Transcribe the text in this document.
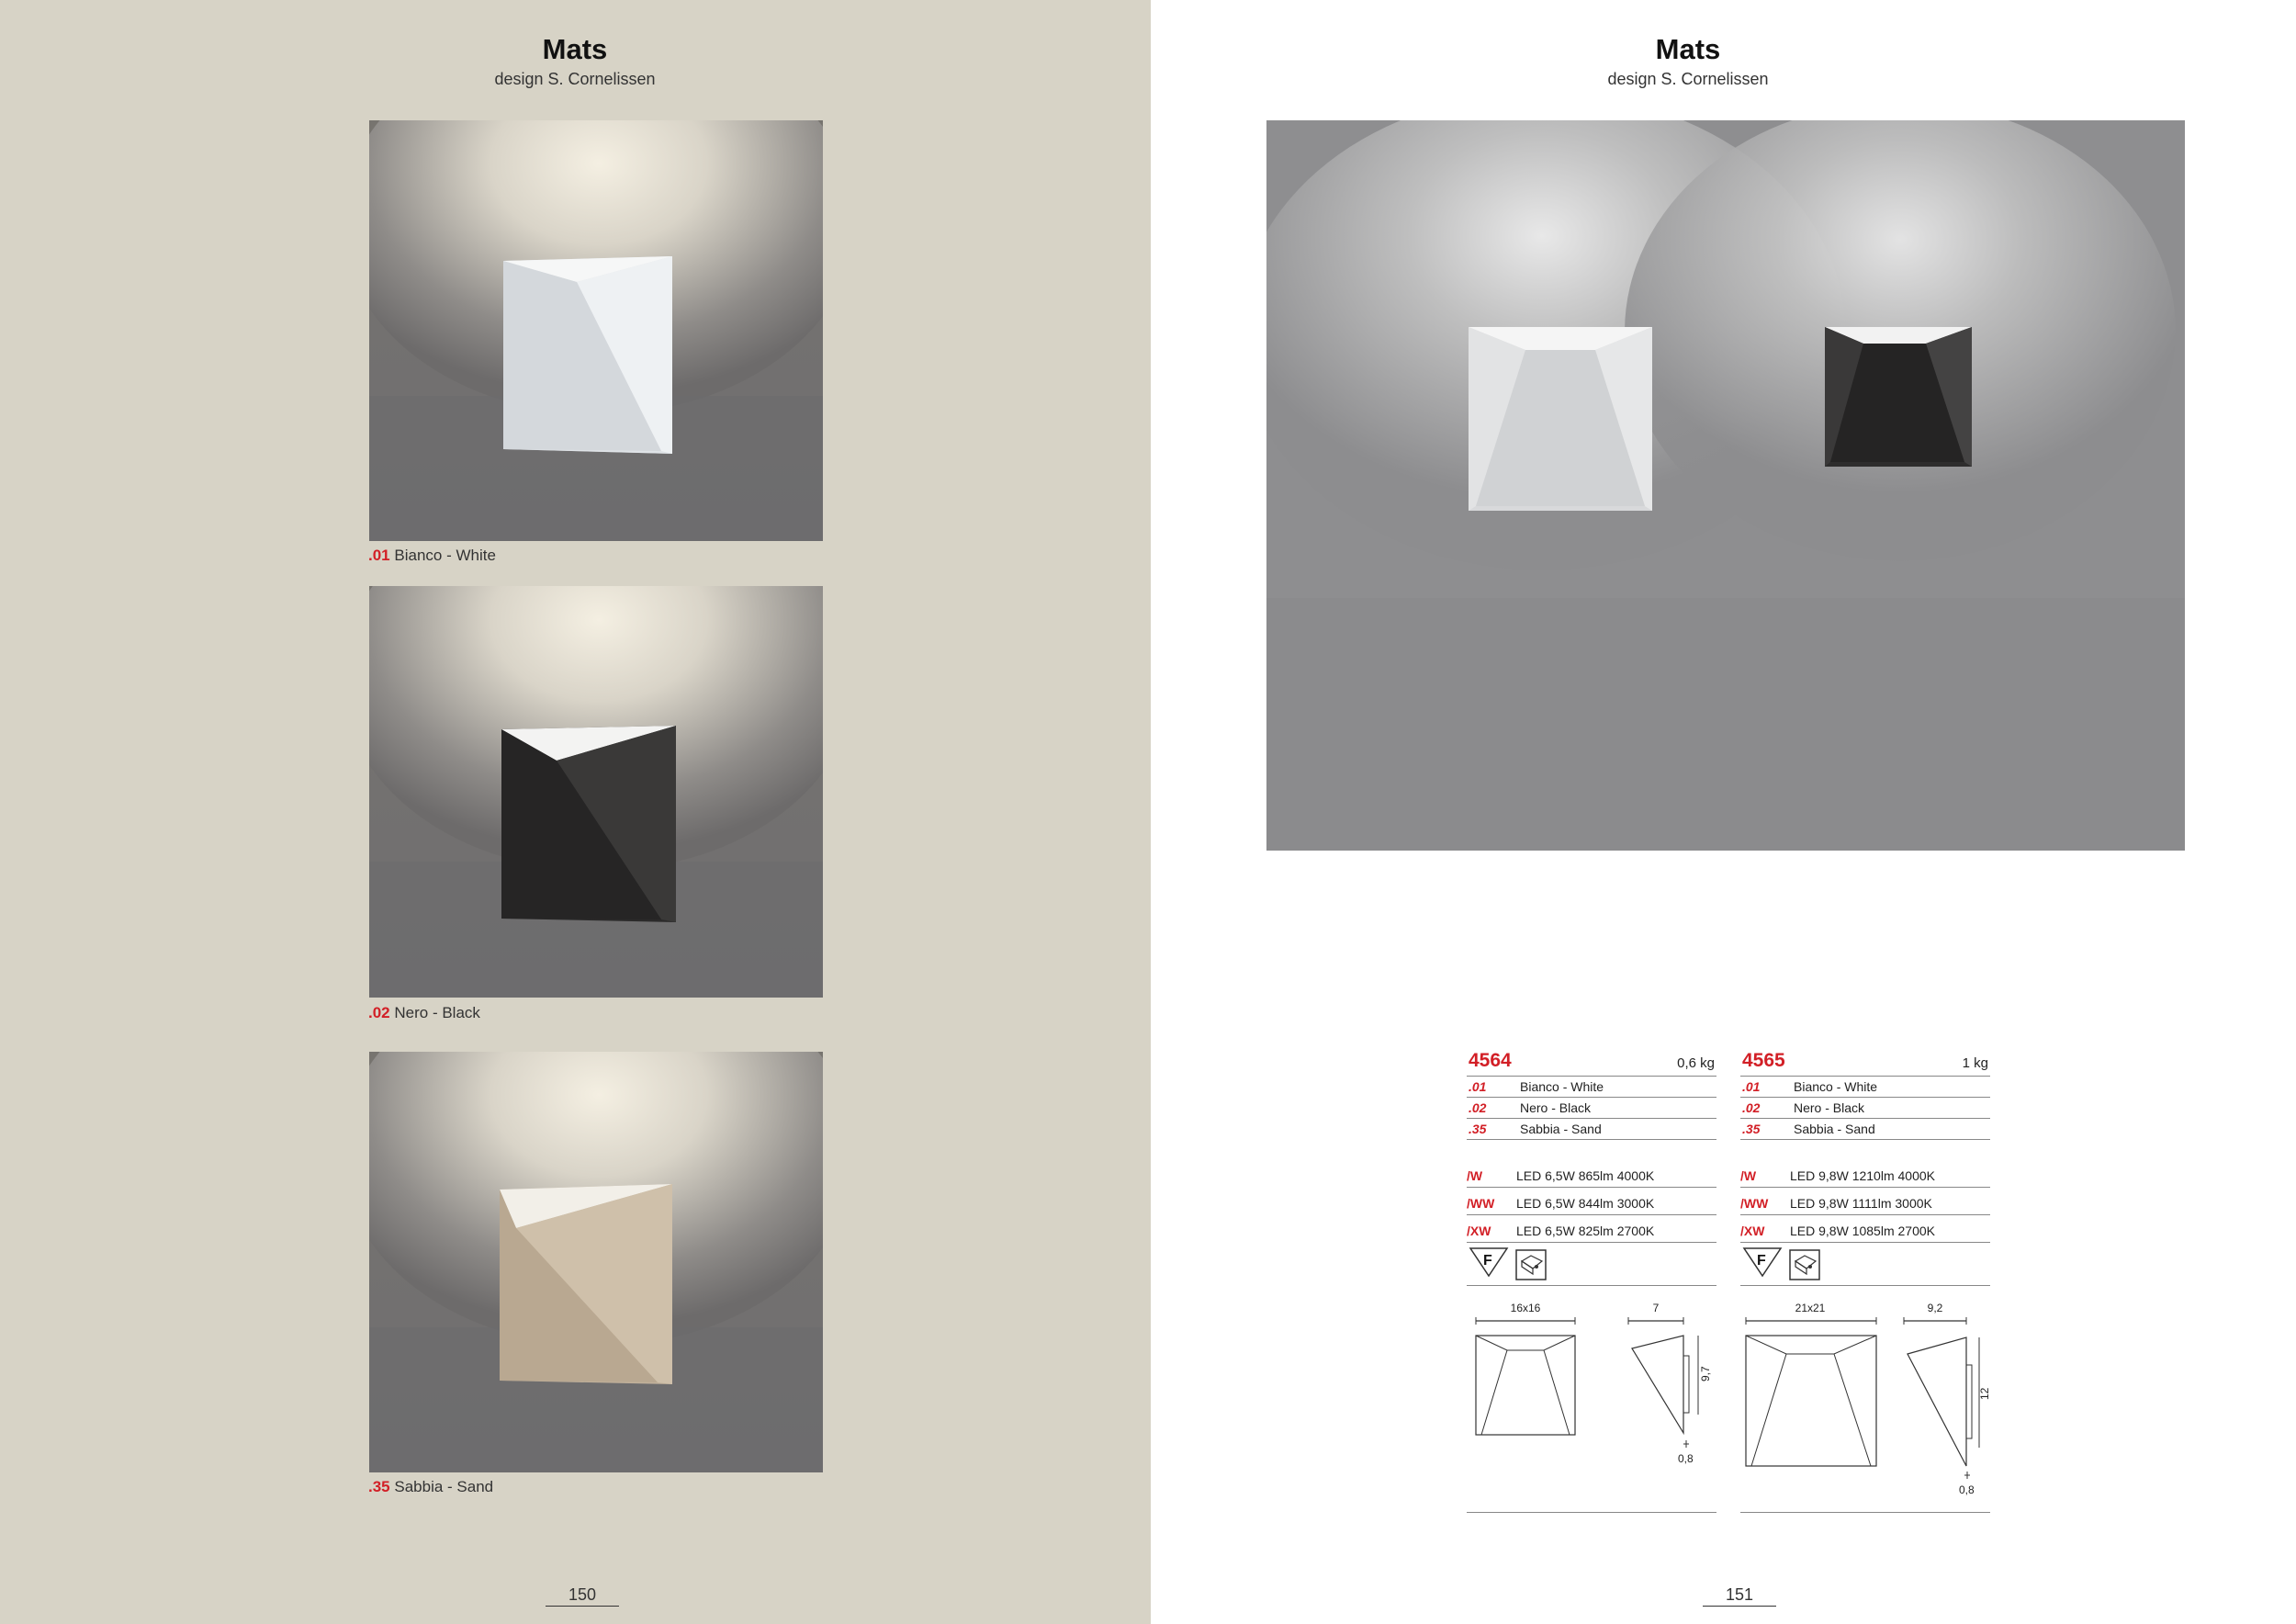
Mats
design S. Cornelissen
.01 Bianco - White
.02 Nero - Black
.35 Sabbia - Sand
150
Mats
design S. Cornelissen
4564	0,6 kg
.01	Bianco - White
.02	Nero - Black
.35	Sabbia - Sand
/W	LED 6,5W 865lm 4000K
/WW LED 6,5W 844lm 3000K
/XW LED 6,5W 825lm 2700K
F
16x16	7
9,7
0,8
4565	1 kg
.01	Bianco - White
.02	Nero - Black
.35	Sabbia - Sand
/W	LED 9,8W 1210lm 4000K
/WW LED 9,8W 1111lm 3000K
/XW LED 9,8W 1085lm 2700K
F
21x21	9,2
12
0,8
151
